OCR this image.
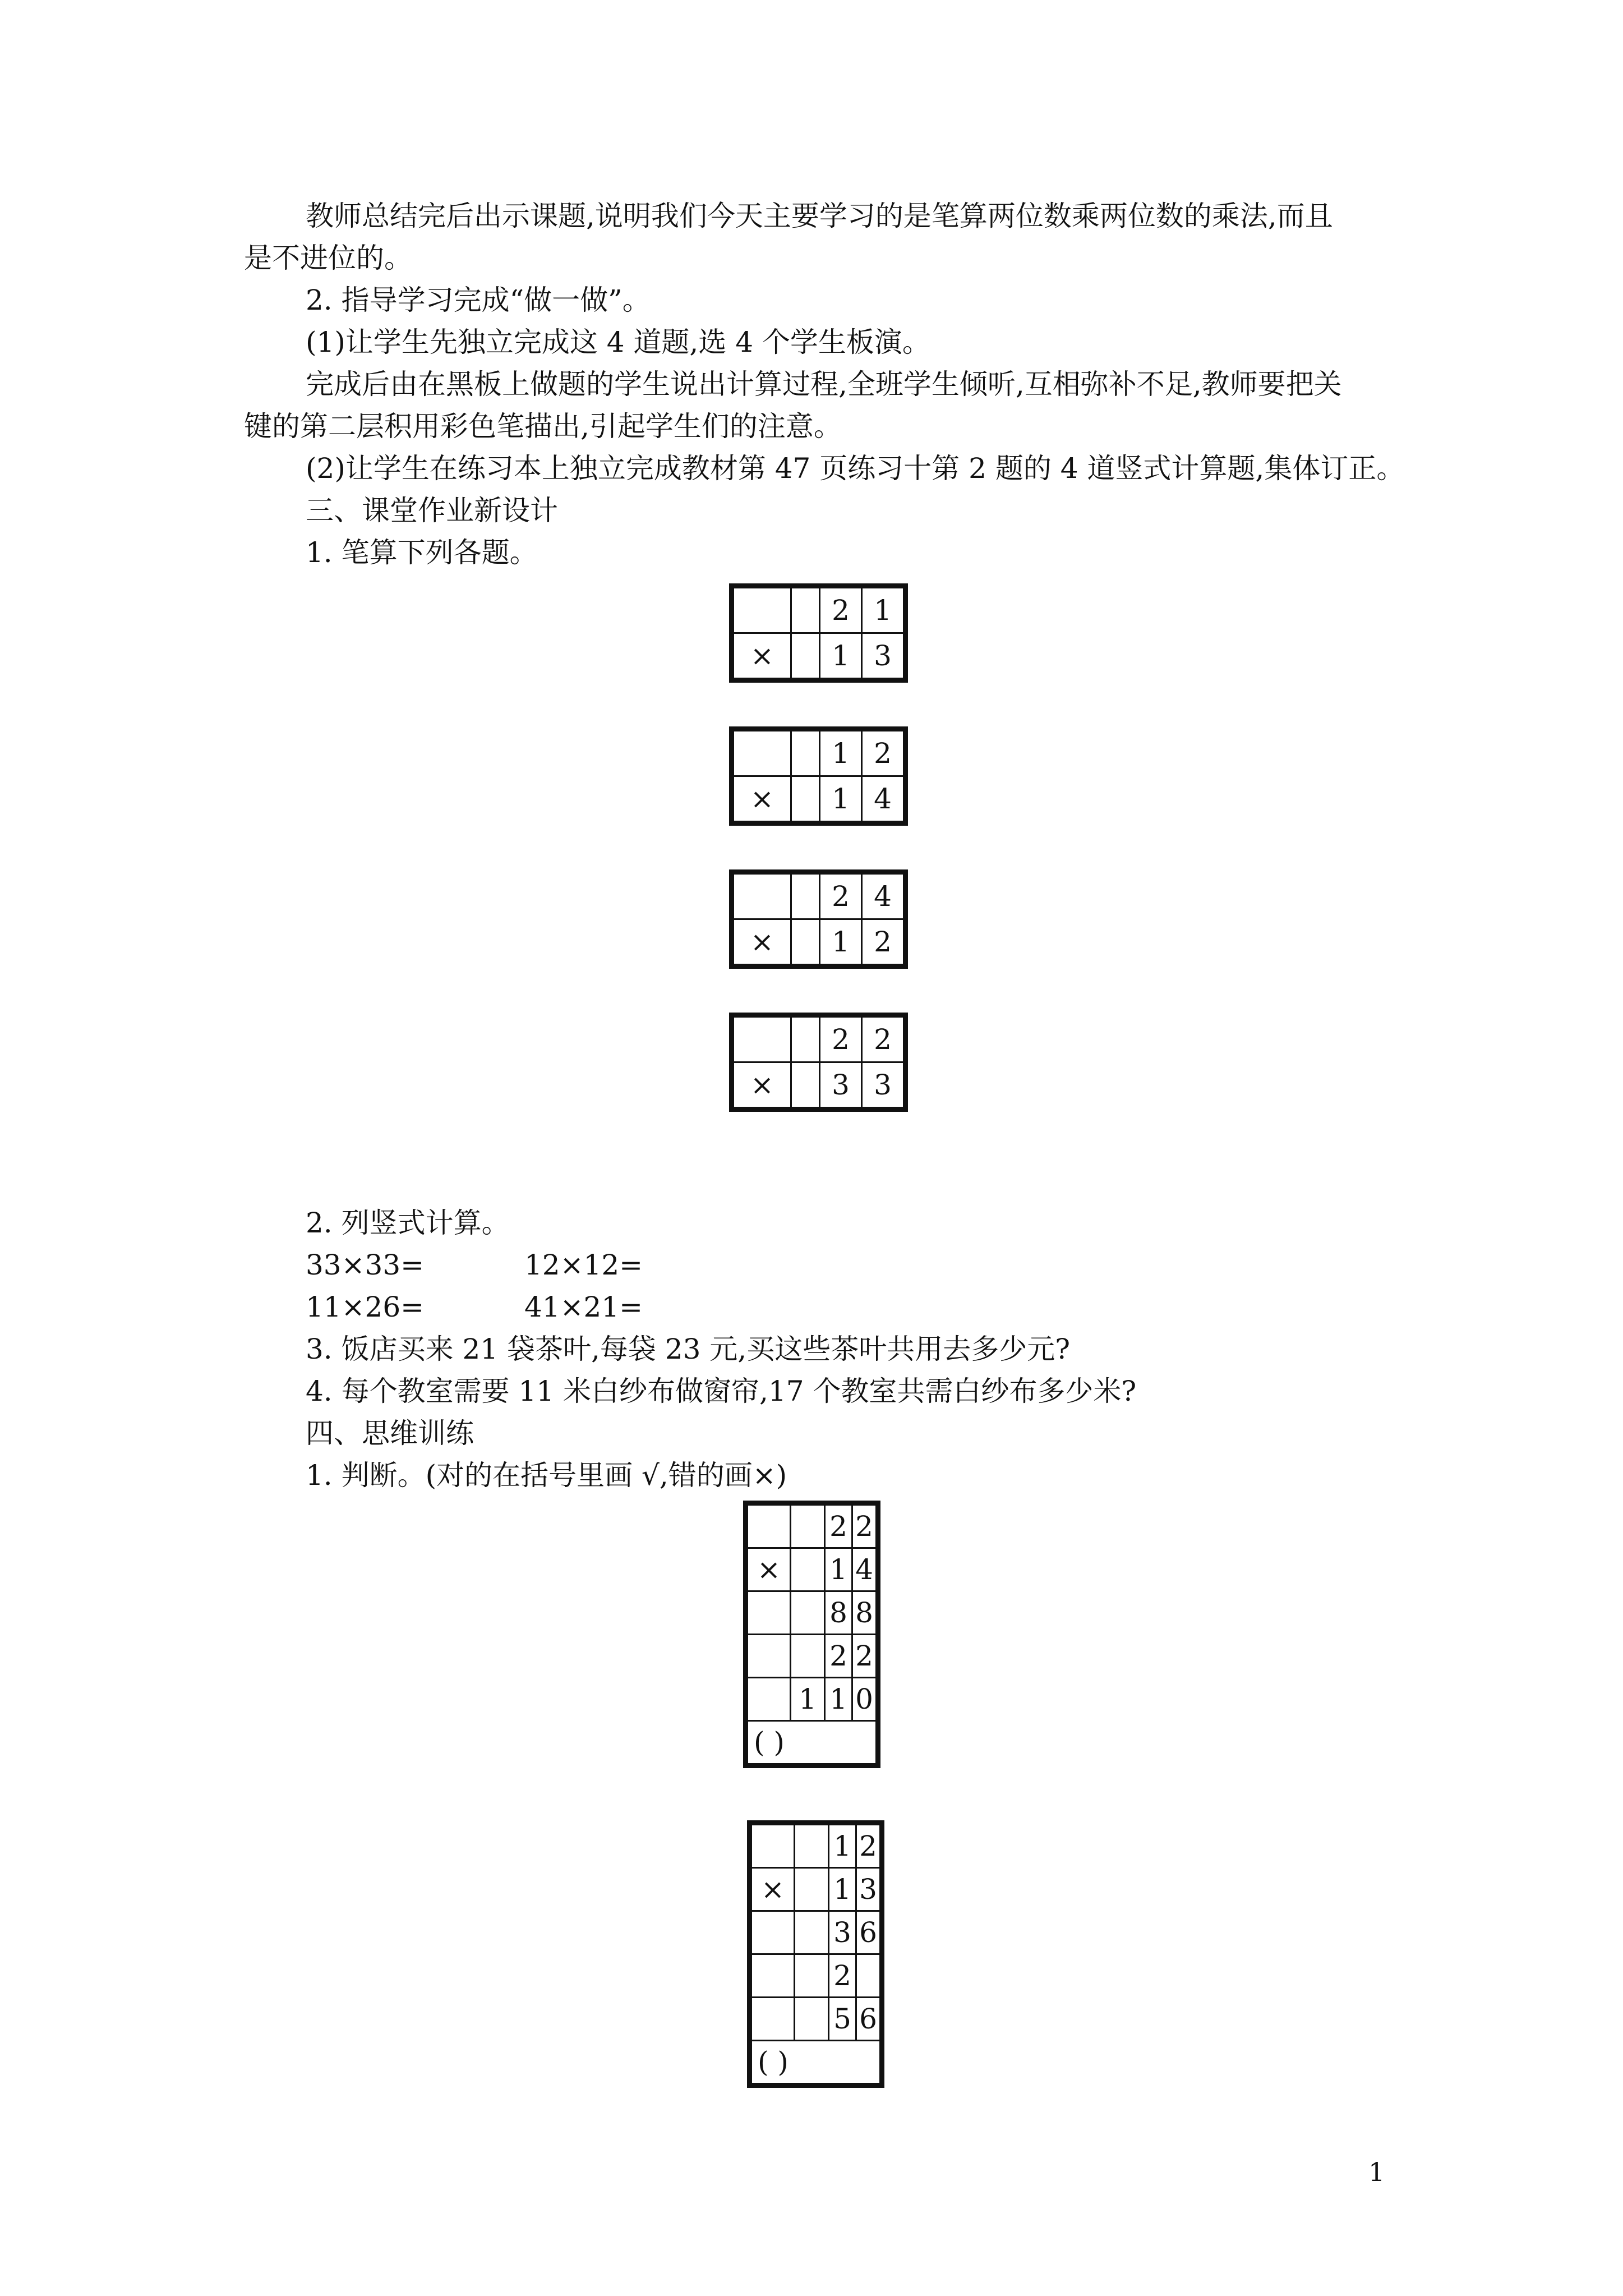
教师总结完后出示课题,说明我们今天主要学习的是笔算两位数乘两位数的乘法,而且
是不进位的。
2. 指导学习完成“做一做”。
(1)让学生先独立完成这 4 道题,选 4 个学生板演。
完成后由在黑板上做题的学生说出计算过程,全班学生倾听,互相弥补不足,教师要把关
键的第二层积用彩色笔描出,引起学生们的注意。
(2)让学生在练习本上独立完成教材第 47 页练习十第 2 题的 4 道竖式计算题,集体订正。
三、课堂作业新设计
1. 笔算下列各题。
		2	1
×		1	3
		1	2
×		1	4
		2	4
×		1	2
		2	2
×		3	3
2. 列竖式计算。
33×33=	12×12=
11×26=	41×21=
3. 饭店买来 21 袋茶叶,每袋 23 元,买这些茶叶共用去多少元?
4. 每个教室需要 11 米白纱布做窗帘,17 个教室共需白纱布多少米?
四、思维训练
1. 判断。(对的在括号里画 √,错的画×)
		2	2
×		1	4
		8	8
		2	2
	1	1	0
( )			
		1	2
×		1	3
		3	6
		2	
		5	6
( )			
1
